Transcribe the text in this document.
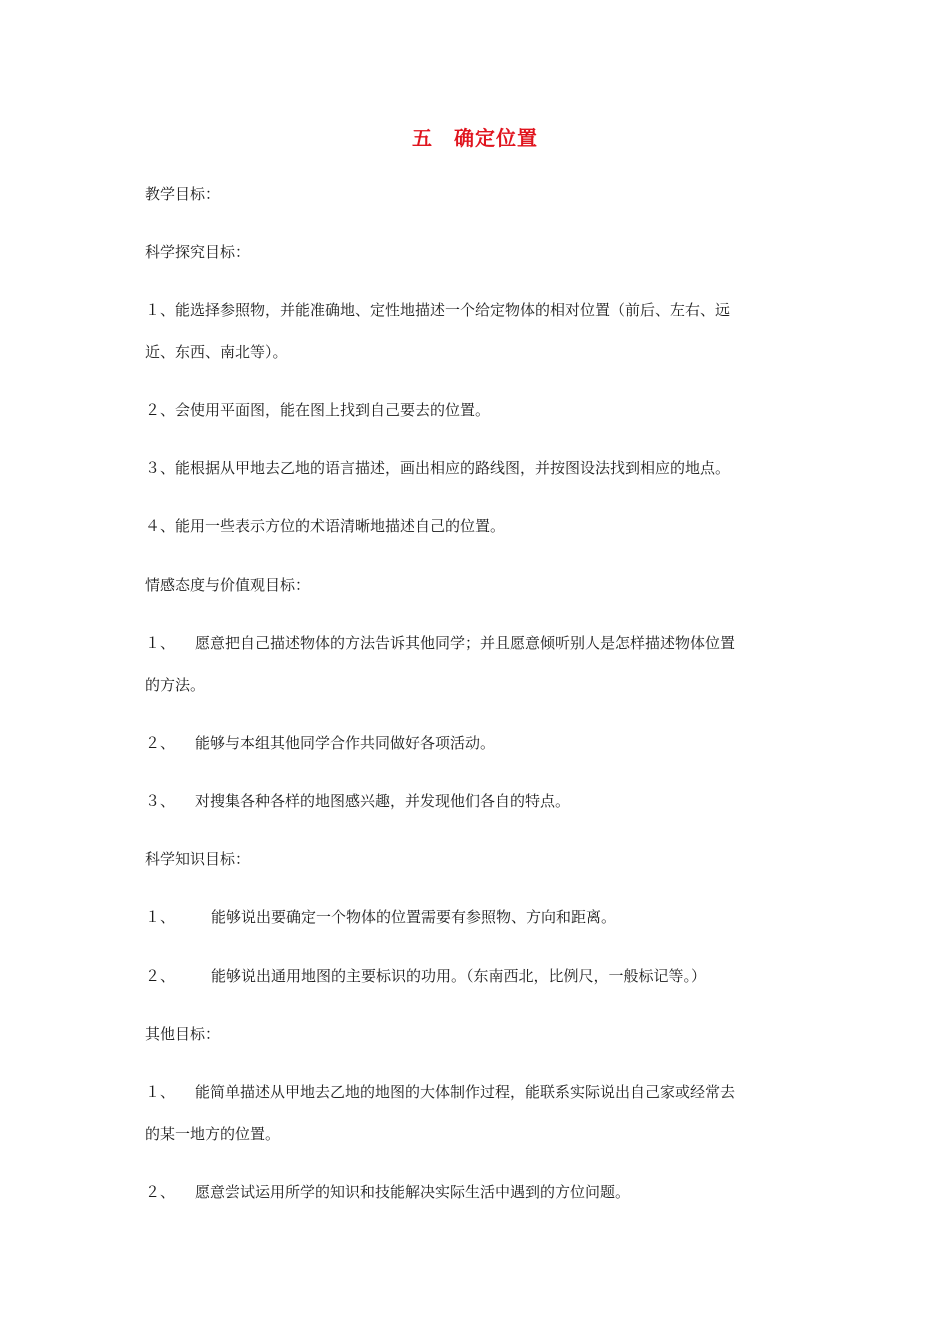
五　确定位置
教学目标：
科学探究目标：
１、能选择参照物，并能准确地、定性地描述一个给定物体的相对位置（前后、左右、远
近、东西、南北等）。
２、会使用平面图，能在图上找到自己要去的位置。
３、能根据从甲地去乙地的语言描述，画出相应的路线图，并按图设法找到相应的地点。
４、能用一些表示方位的术语清晰地描述自己的位置。
情感态度与价值观目标：
１、 愿意把自己描述物体的方法告诉其他同学；并且愿意倾听别人是怎样描述物体位置
的方法。
２、 能够与本组其他同学合作共同做好各项活动。
３、 对搜集各种各样的地图感兴趣，并发现他们各自的特点。
科学知识目标：
１、 能够说出要确定一个物体的位置需要有参照物、方向和距离。
２、 能够说出通用地图的主要标识的功用。（东南西北，比例尺，一般标记等。）
其他目标：
１、 能简单描述从甲地去乙地的地图的大体制作过程，能联系实际说出自己家或经常去
的某一地方的位置。
２、 愿意尝试运用所学的知识和技能解决实际生活中遇到的方位问题。
